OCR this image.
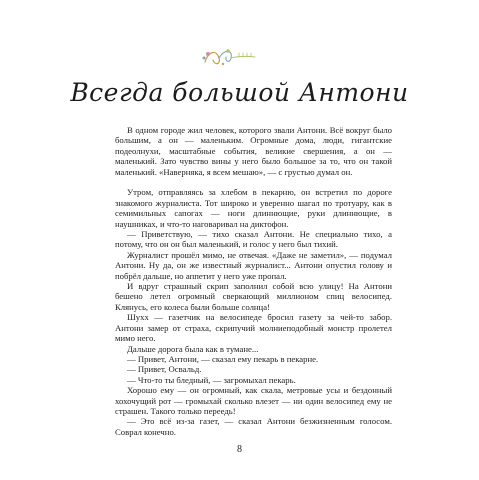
Всегда большой Антони

В одном городе жил человек, которого звали Антони. Всё вокруг было большим, а он — маленьким. Огромные дома, люди, гигантские подеолнухи, масштабные события, великие свершения, а он — маленький. Зато чувство вины у него было большое за то, что он такой маленький. «Наверняка, я всем мешаю», — с грустью думал он.

Утром, отправляясь за хлебом в пекарню, он встретил по дороге знакомого журналиста. Тот широко и уверенно шагал по тротуару, как в семимильных сапогах — ноги длиннющие, руки длиннющие, в наушниках, и что-то наговаривал на диктофон.

— Приветствую, — тихо сказал Антони. Не специально тихо, а потому, что он он был маленький, и голос у него был тихий.

Журналист прошёл мимо, не отвечая. «Даже не заметил», — подумал Антони. Ну да, он же известный журналист... Антони опустил голову и побрёл дальше, но аппетит у него уже пропал.

И вдруг страшный скрип заполнил собой всю улицу! На Антони бешено летел огромный сверкающий миллионом спиц велосипед. Клянусь, его колеса были больше солнца!

Шухх — газетчик на велосипеде бросил газету за чей-то забор. Антони замер от страха, скрипучий молниеподобный монстр пролетел мимо него.

Дальше дорога была как в тумане...

— Привет, Антони, — сказал ему пекарь в пекарне.

— Привет, Освальд.

— Что-то ты бледный, — загромыхал пекарь.

Хорошо ему — он огромный, как скала, метровые усы и бездонный хохочущий рот — громыхай сколько влезет — ни один велосипед ему не страшен. Такого только переедь!

— Это всё из-за газет, — сказал Антони безжизненным голосом. Соврал конечно.

8
